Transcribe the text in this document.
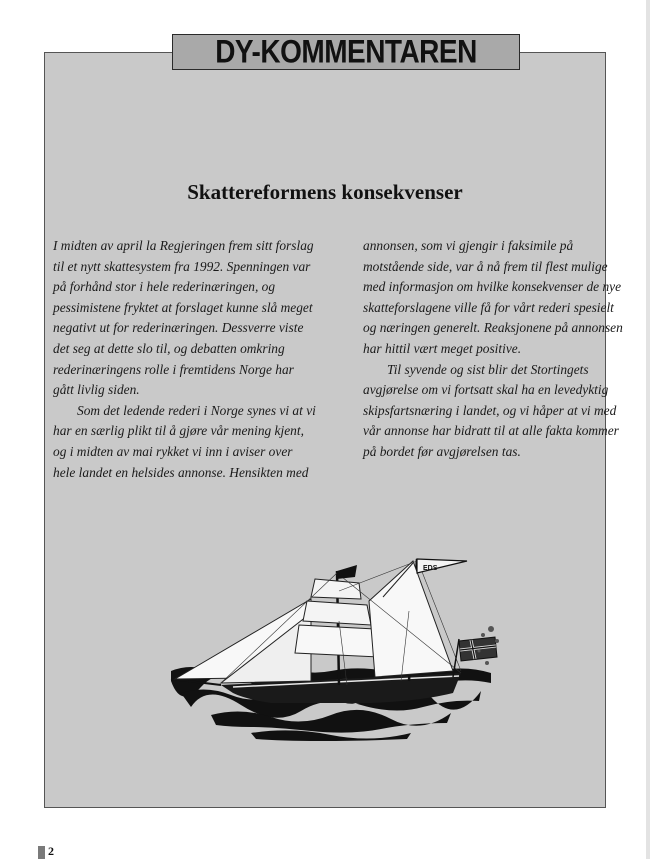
Skattereformens konsekvenser

I midten av april la Regjeringen frem sitt forslag

til et nytt skattesystem fra 1992. Spenningen var

på forhånd stor i hele rederinæringen, og

pessimistene fryktet at forslaget kunne slå meget

negativt ut for rederinæringen. Dessverre viste

det seg at dette slo til, og debatten omkring

rederinæringens rolle i fremtidens Norge har

gått livlig siden.

Som det ledende rederi i Norge synes vi at vi

har en særlig plikt til å gjøre vår mening kjent,

og i midten av mai rykket vi inn i aviser over

hele landet en helsides annonse. Hensikten med

annonsen, som vi gjengir i faksimile på

motstående side, var å nå frem til flest mulige

med informasjon om hvilke konsekvenser de nye

skatteforslagene ville få for vårt rederi spesielt

og næringen generelt. Reaksjonene på annonsen

har hittil vært meget positive.

Til syvende og sist blir det Stortingets

avgjørelse om vi fortsatt skal ha en levedyktig

skipsfartsnæring i landet, og vi håper at vi med

vår annonse har bidratt til at alle fakta kommer

på bordet før avgjørelsen tas.

EDS
DY-KOMMENTAREN
2
